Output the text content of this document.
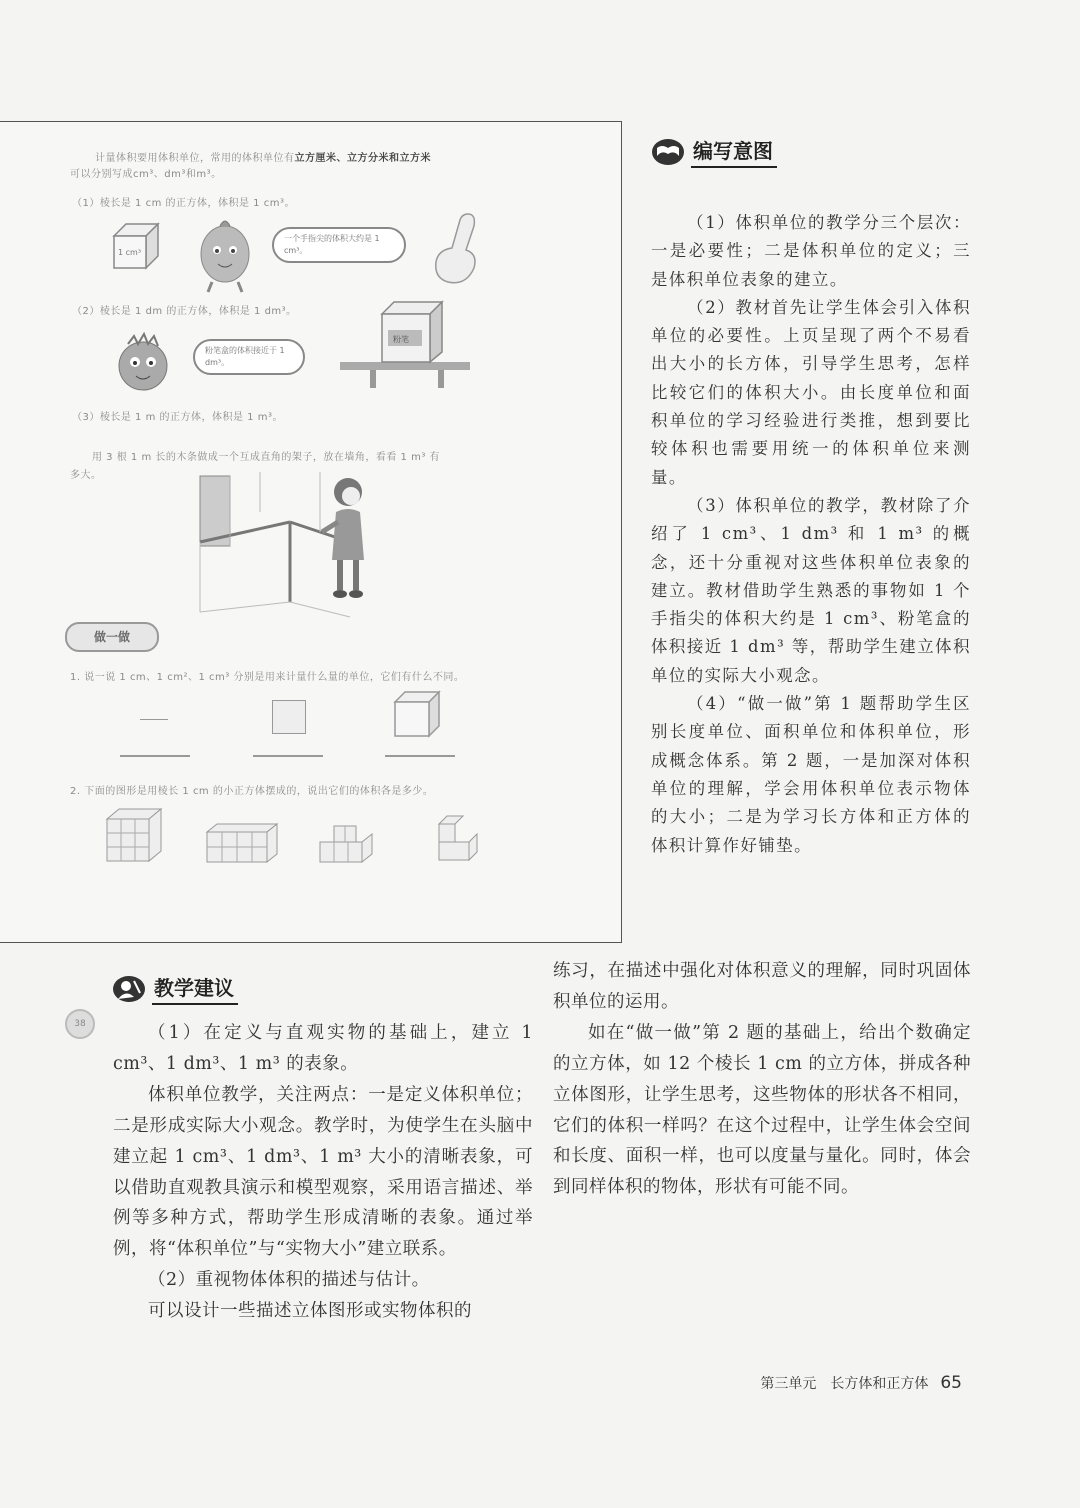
计量体积要用体积单位，常用的体积单位有立方厘米、立方分米和立方米
可以分别写成cm³、dm³和m³。
（1）棱长是 1 cm 的正方体，体积是 1 cm³。
1 cm³
一个手指尖的体积大约是 1 cm³。
（2）棱长是 1 dm 的正方体，体积是 1 dm³。
粉笔盒的体积接近于 1 dm³。
粉笔
（3）棱长是 1 m 的正方体，体积是 1 m³。
用 3 根 1 m 长的木条做成一个互成直角的架子，放在墙角，看看 1 m³ 有
多大。
做一做
1. 说一说 1 cm、1 cm²、1 cm³ 分别是用来计量什么量的单位，它们有什么不同。
2. 下面的图形是用棱长 1 cm 的小正方体摆成的，说出它们的体积各是多少。
38
编写意图

（1）体积单位的教学分三个层次：一是必要性；二是体积单位的定义；三是体积单位表象的建立。

（2）教材首先让学生体会引入体积单位的必要性。上页呈现了两个不易看出大小的长方体，引导学生思考，怎样比较它们的体积大小。由长度单位和面积单位的学习经验进行类推，想到要比较体积也需要用统一的体积单位来测量。

（3）体积单位的教学，教材除了介绍了 1 cm³、1 dm³ 和 1 m³ 的概念，还十分重视对这些体积单位表象的建立。教材借助学生熟悉的事物如 1 个手指尖的体积大约是 1 cm³、粉笔盒的体积接近 1 dm³ 等，帮助学生建立体积单位的实际大小观念。

（4）“做一做”第 1 题帮助学生区别长度单位、面积单位和体积单位，形成概念体系。第 2 题，一是加深对体积单位的理解，学会用体积单位表示物体的大小；二是为学习长方体和正方体的体积计算作好铺垫。

教学建议

（1）在定义与直观实物的基础上，建立 1 cm³、1 dm³、1 m³ 的表象。

体积单位教学，关注两点：一是定义体积单位；二是形成实际大小观念。教学时，为使学生在头脑中建立起 1 cm³、1 dm³、1 m³ 大小的清晰表象，可以借助直观教具演示和模型观察，采用语言描述、举例等多种方式，帮助学生形成清晰的表象。通过举例，将“体积单位”与“实物大小”建立联系。

（2）重视物体体积的描述与估计。

可以设计一些描述立体图形或实物体积的

练习，在描述中强化对体积意义的理解，同时巩固体积单位的运用。

如在“做一做”第 2 题的基础上，给出个数确定的立方体，如 12 个棱长 1 cm 的立方体，拼成各种立体图形，让学生思考，这些物体的形状各不相同，它们的体积一样吗？在这个过程中，让学生体会空间和长度、面积一样，也可以度量与量化。同时，体会到同样体积的物体，形状有可能不同。

第三单元　长方体和正方体 65
